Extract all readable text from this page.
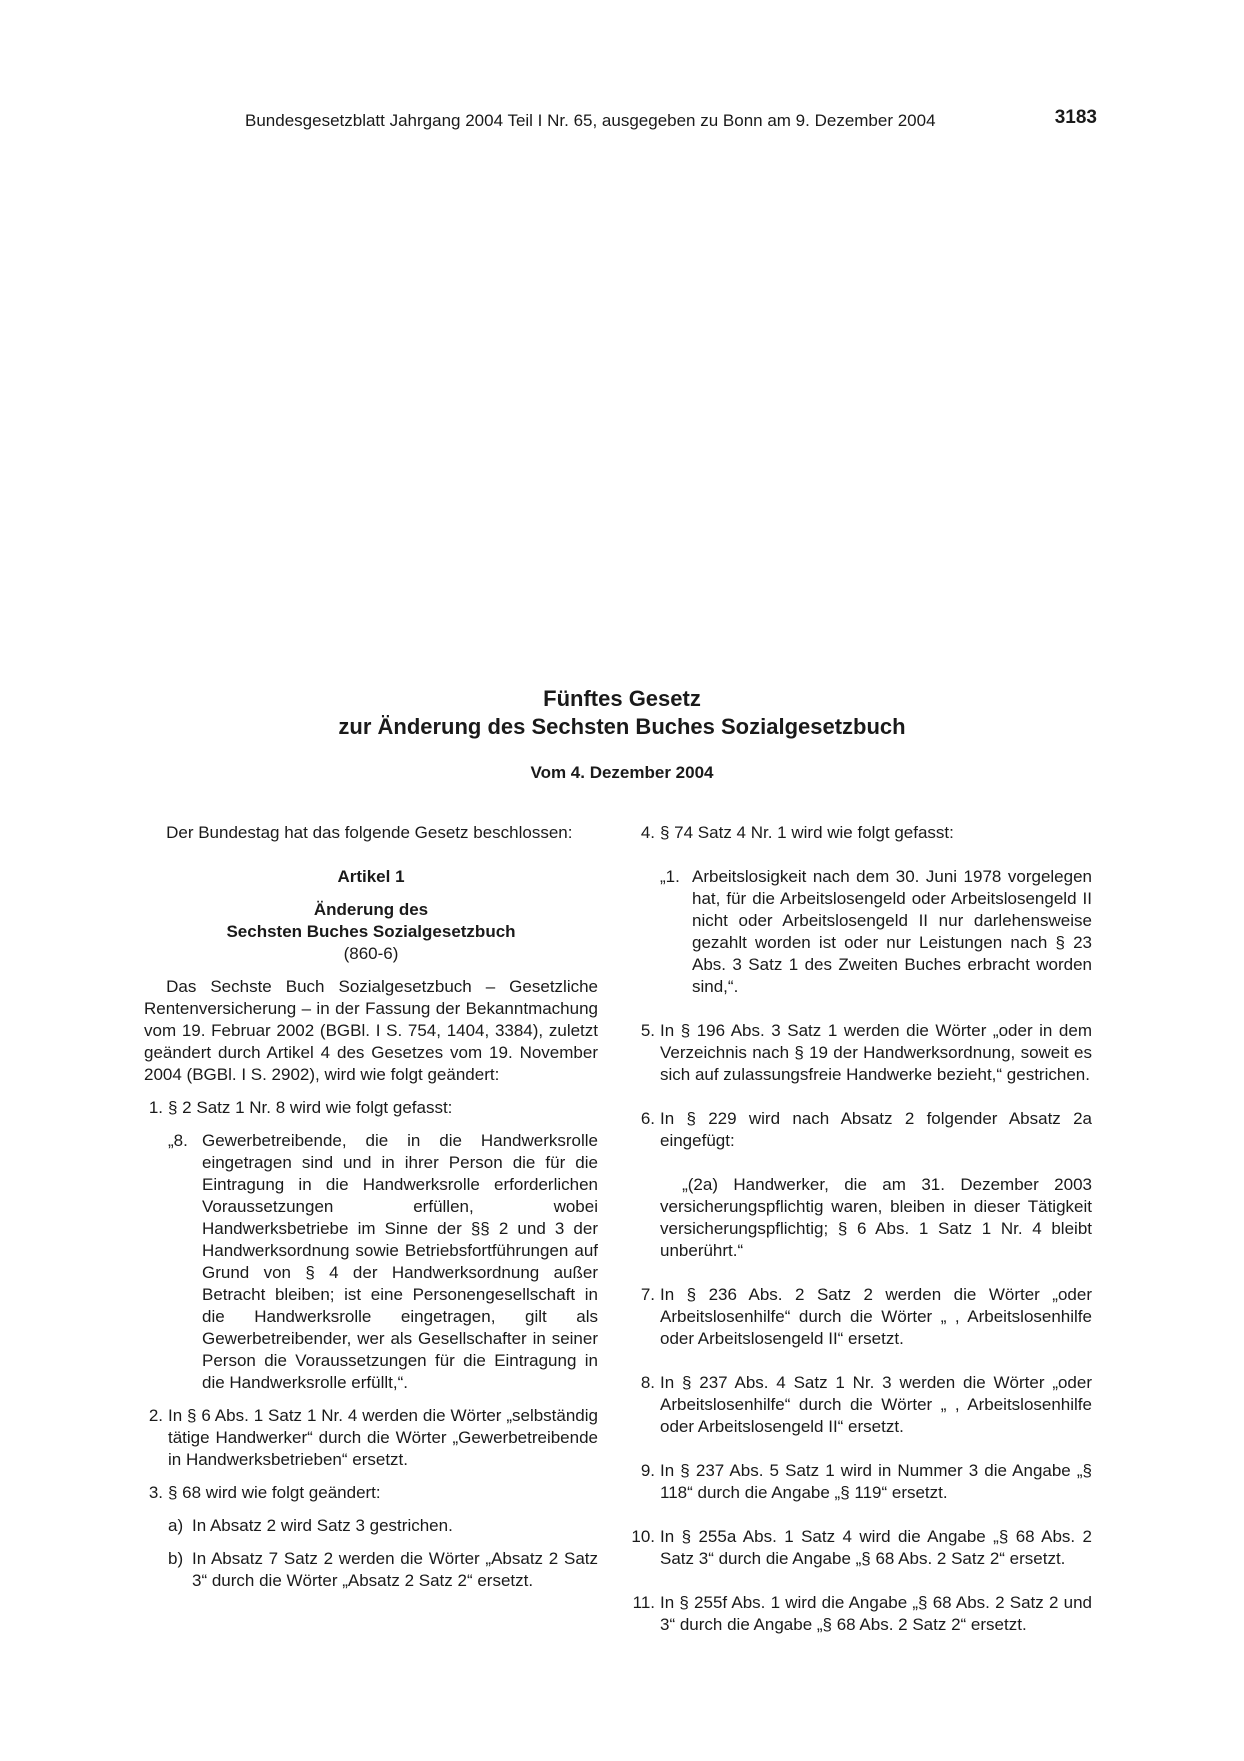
Bundesgesetzblatt Jahrgang 2004 Teil I Nr. 65, ausgegeben zu Bonn am 9. Dezember 2004	3183
Fünftes Gesetz
zur Änderung des Sechsten Buches Sozialgesetzbuch
Vom 4. Dezember 2004

Der Bundestag hat das folgende Gesetz beschlossen:

Artikel 1

Änderung des

Sechsten Buches Sozialgesetzbuch

(860-6)

Das Sechste Buch Sozialgesetzbuch – Gesetzliche Rentenversicherung – in der Fassung der Bekanntmachung vom 19. Februar 2002 (BGBl. I S. 754, 1404, 3384), zuletzt geändert durch Artikel 4 des Gesetzes vom 19. November 2004 (BGBl. I S. 2902), wird wie folgt geändert:

1. § 2 Satz 1 Nr. 8 wird wie folgt gefasst:

„8. Gewerbetreibende, die in die Handwerksrolle eingetragen sind und in ihrer Person die für die Eintragung in die Handwerksrolle erforderlichen Voraussetzungen erfüllen, wobei Handwerksbetriebe im Sinne der §§ 2 und 3 der Handwerksordnung sowie Betriebsfortführungen auf Grund von § 4 der Handwerksordnung außer Betracht bleiben; ist eine Personengesellschaft in die Handwerksrolle eingetragen, gilt als Gewerbetreibender, wer als Gesellschafter in seiner Person die Voraussetzungen für die Eintragung in die Handwerksrolle erfüllt,“.

2. In § 6 Abs. 1 Satz 1 Nr. 4 werden die Wörter „selbständig tätige Handwerker“ durch die Wörter „Gewerbetreibende in Handwerksbetrieben“ ersetzt.

3. § 68 wird wie folgt geändert:

a) In Absatz 2 wird Satz 3 gestrichen.

b) In Absatz 7 Satz 2 werden die Wörter „Absatz 2 Satz 3“ durch die Wörter „Absatz 2 Satz 2“ ersetzt.

4. § 74 Satz 4 Nr. 1 wird wie folgt gefasst:

„1. Arbeitslosigkeit nach dem 30. Juni 1978 vorgelegen hat, für die Arbeitslosengeld oder Arbeitslosengeld II nicht oder Arbeitslosengeld II nur darlehensweise gezahlt worden ist oder nur Leistungen nach § 23 Abs. 3 Satz 1 des Zweiten Buches erbracht worden sind,“.

5. In § 196 Abs. 3 Satz 1 werden die Wörter „oder in dem Verzeichnis nach § 19 der Handwerksordnung, soweit es sich auf zulassungsfreie Handwerke bezieht,“ gestrichen.

6. In § 229 wird nach Absatz 2 folgender Absatz 2a eingefügt:

„(2a) Handwerker, die am 31. Dezember 2003 versicherungspflichtig waren, bleiben in dieser Tätigkeit versicherungspflichtig; § 6 Abs. 1 Satz 1 Nr. 4 bleibt unberührt.“

7. In § 236 Abs. 2 Satz 2 werden die Wörter „oder Arbeitslosenhilfe“ durch die Wörter „ , Arbeitslosenhilfe oder Arbeitslosengeld II“ ersetzt.

8. In § 237 Abs. 4 Satz 1 Nr. 3 werden die Wörter „oder Arbeitslosenhilfe“ durch die Wörter „ , Arbeitslosenhilfe oder Arbeitslosengeld II“ ersetzt.

9. In § 237 Abs. 5 Satz 1 wird in Nummer 3 die Angabe „§ 118“ durch die Angabe „§ 119“ ersetzt.

10. In § 255a Abs. 1 Satz 4 wird die Angabe „§ 68 Abs. 2 Satz 3“ durch die Angabe „§ 68 Abs. 2 Satz 2“ ersetzt.

11. In § 255f Abs. 1 wird die Angabe „§ 68 Abs. 2 Satz 2 und 3“ durch die Angabe „§ 68 Abs. 2 Satz 2“ ersetzt.
